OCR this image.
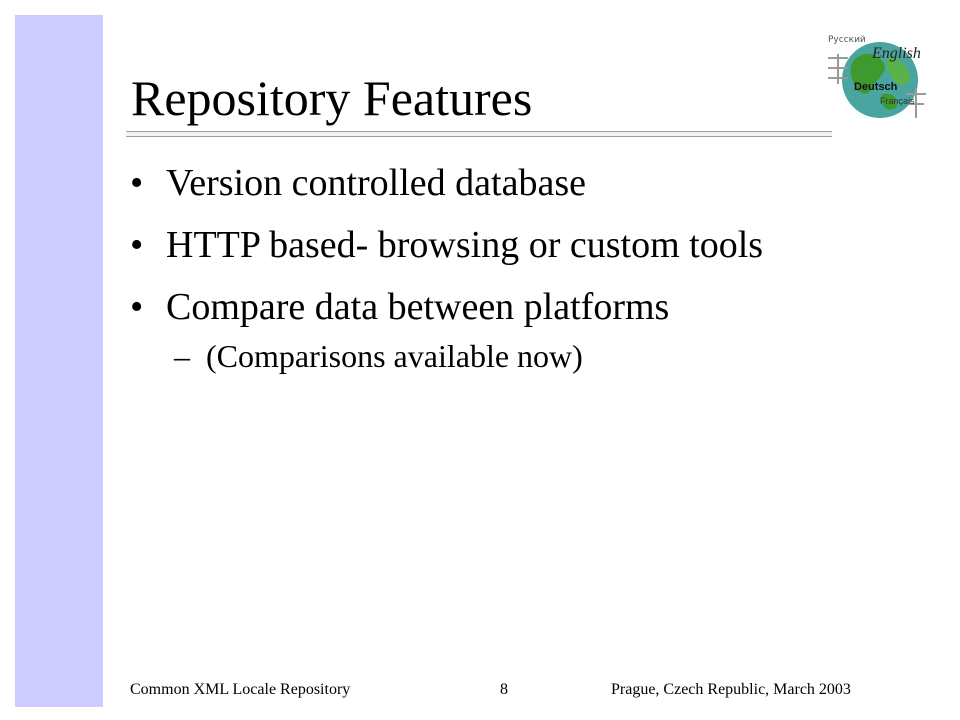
Repository Features
Русский
English
Deutsch
Français
• Version controlled database
• HTTP based- browsing or custom tools
• Compare data between platforms
– (Comparisons available now)
Common XML Locale Repository	8	Prague, Czech Republic, March 2003
